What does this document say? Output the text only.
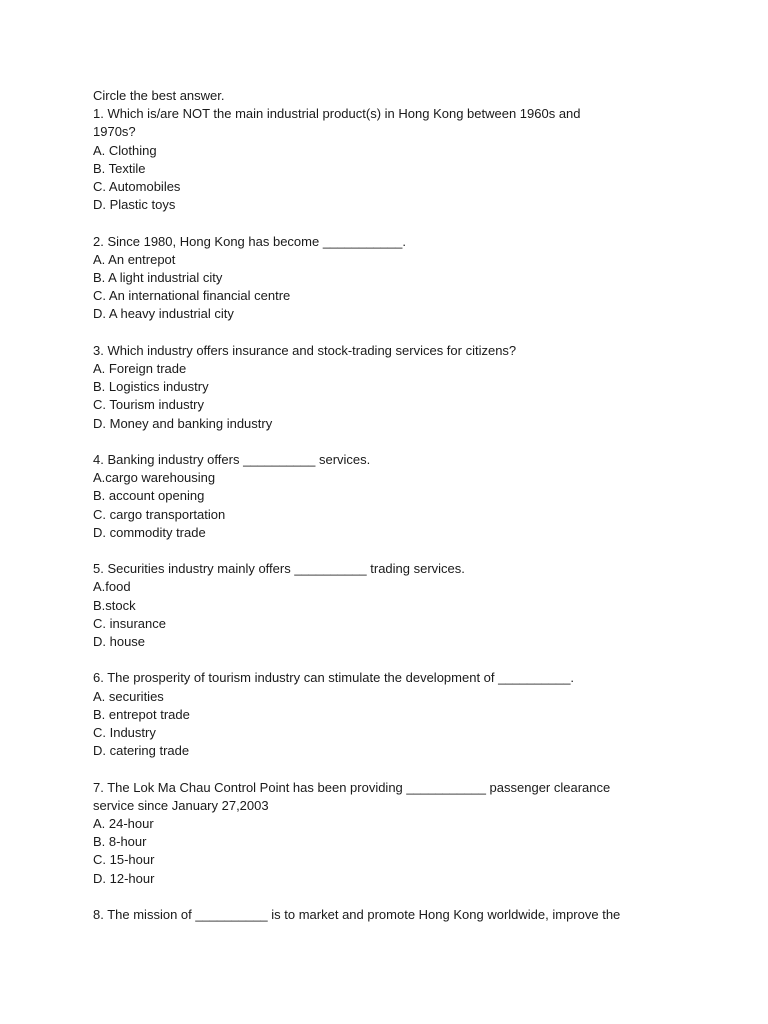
Circle the best answer.
1. Which is/are NOT the main industrial product(s) in Hong Kong between 1960s and
1970s?
A. Clothing
B. Textile
C. Automobiles
D. Plastic toys
2. Since 1980, Hong Kong has become ___________.
A. An entrepot
B. A light industrial city
C. An international financial centre
D. A heavy industrial city
3. Which industry offers insurance and stock-trading services for citizens?
A. Foreign trade
B. Logistics industry
C. Tourism industry
D. Money and banking industry
4. Banking industry offers __________ services.
A.cargo warehousing
B. account opening
C. cargo transportation
D. commodity trade
5. Securities industry mainly offers __________ trading services.
A.food
B.stock
C. insurance
D. house
6. The prosperity of tourism industry can stimulate the development of __________.
A. securities
B. entrepot trade
C. Industry
D. catering trade
7. The Lok Ma Chau Control Point has been providing ___________ passenger clearance
service since January 27,2003
A. 24-hour
B. 8-hour
C. 15-hour
D. 12-hour
8. The mission of __________ is to market and promote Hong Kong worldwide, improve the
